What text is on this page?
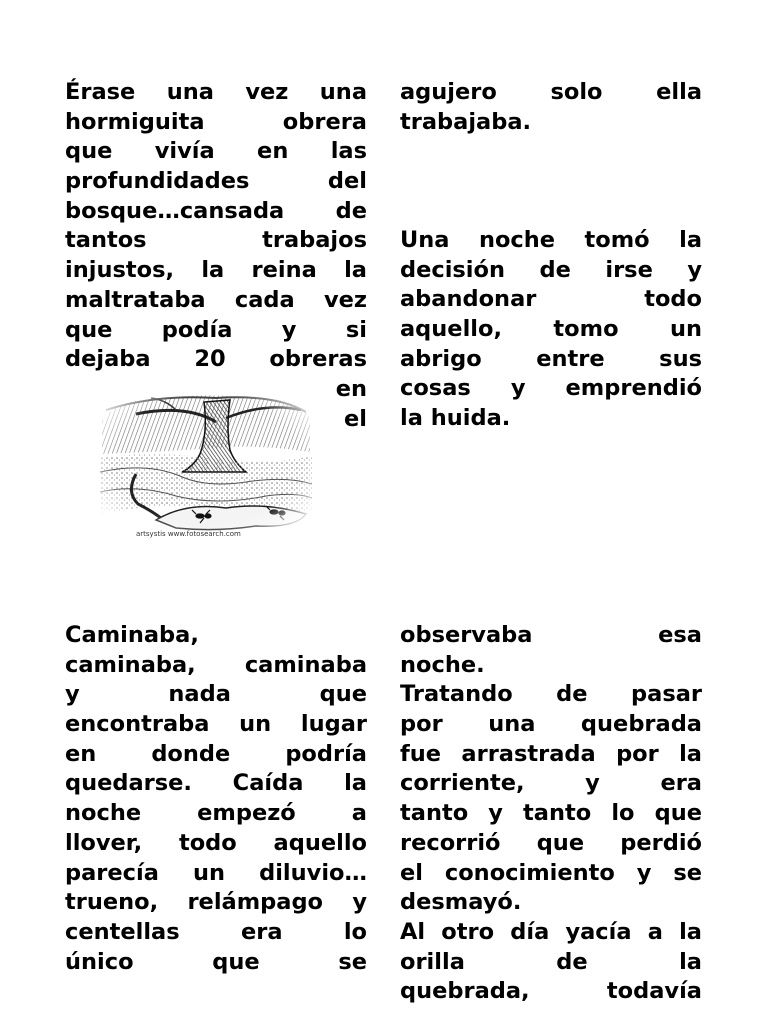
Érase una vez una
hormiguita obrera
que vivía en las
profundidades del
bosque…cansada de
tantos trabajos
injustos, la reina la
maltrataba cada vez
que podía y si
dejaba 20 obreras
en
el
artsystis www.fotosearch.com
agujero solo ella
trabajaba.
Una noche tomó la
decisión de irse y
abandonar todo
aquello, tomo un
abrigo entre sus
cosas y emprendió
la huida.
Caminaba,
caminaba, caminaba
y nada que
encontraba un lugar
en donde podría
quedarse. Caída la
noche empezó a
llover, todo aquello
parecía un diluvio…
trueno, relámpago y
centellas era lo
único que se
observaba esa
noche.
Tratando de pasar
por una quebrada
fue arrastrada por la
corriente, y era
tanto y tanto lo que
recorrió que perdió
el conocimiento y se
desmayó.
Al otro día yacía a la
orilla de la
quebrada, todavía
